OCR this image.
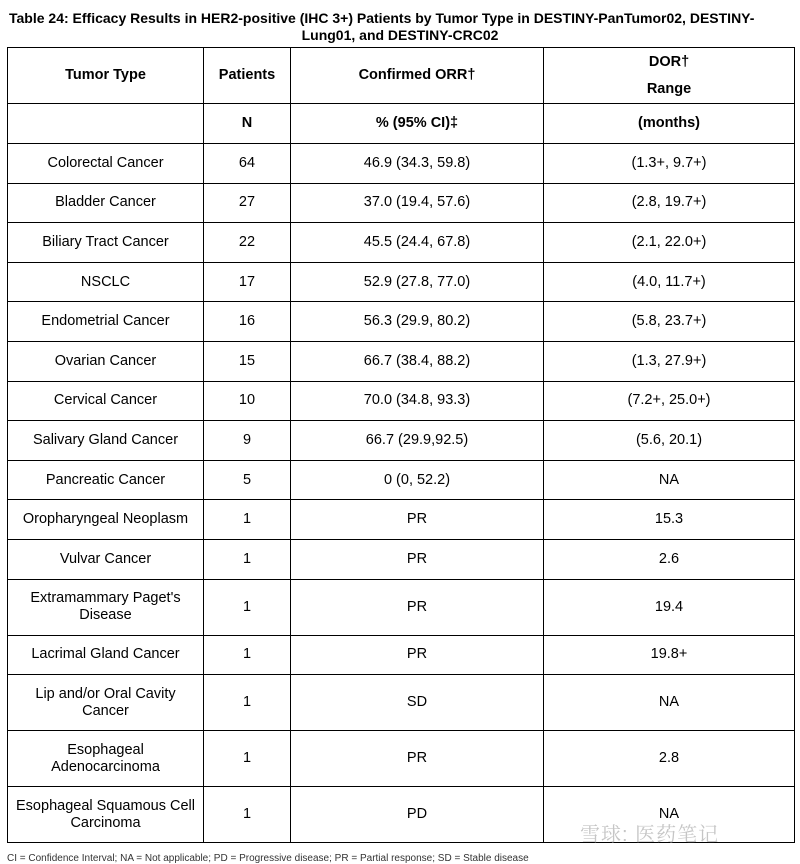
Table 24: Efficacy Results in HER2-positive (IHC 3+) Patients by Tumor Type in DESTINY-PanTumor02, DESTINY-
Lung01, and DESTINY-CRC02
Tumor Type	Patients	Confirmed ORR†	DOR†
Range

	N	% (95% CI)‡	(months)
Colorectal Cancer	64	46.9 (34.3, 59.8)	(1.3+, 9.7+)
Bladder Cancer	27	37.0 (19.4, 57.6)	(2.8, 19.7+)
Biliary Tract Cancer	22	45.5 (24.4, 67.8)	(2.1, 22.0+)
NSCLC	17	52.9 (27.8, 77.0)	(4.0, 11.7+)
Endometrial Cancer	16	56.3 (29.9, 80.2)	(5.8, 23.7+)
Ovarian Cancer	15	66.7 (38.4, 88.2)	(1.3, 27.9+)
Cervical Cancer	10	70.0 (34.8, 93.3)	(7.2+, 25.0+)
Salivary Gland Cancer	9	66.7 (29.9,92.5)	(5.6, 20.1)
Pancreatic Cancer	5	0 (0, 52.2)	NA
Oropharyngeal Neoplasm	1	PR	15.3
Vulvar Cancer	1	PR	2.6
Extramammary Paget's Disease	1	PR	19.4
Lacrimal Gland Cancer	1	PR	19.8+
Lip and/or Oral Cavity Cancer	1	SD	NA
Esophageal Adenocarcinoma	1	PR	2.8
Esophageal Squamous Cell Carcinoma	1	PD	NA
雪球: 医药笔记
CI = Confidence Interval; NA = Not applicable; PD = Progressive disease; PR = Partial response; SD = Stable disease
